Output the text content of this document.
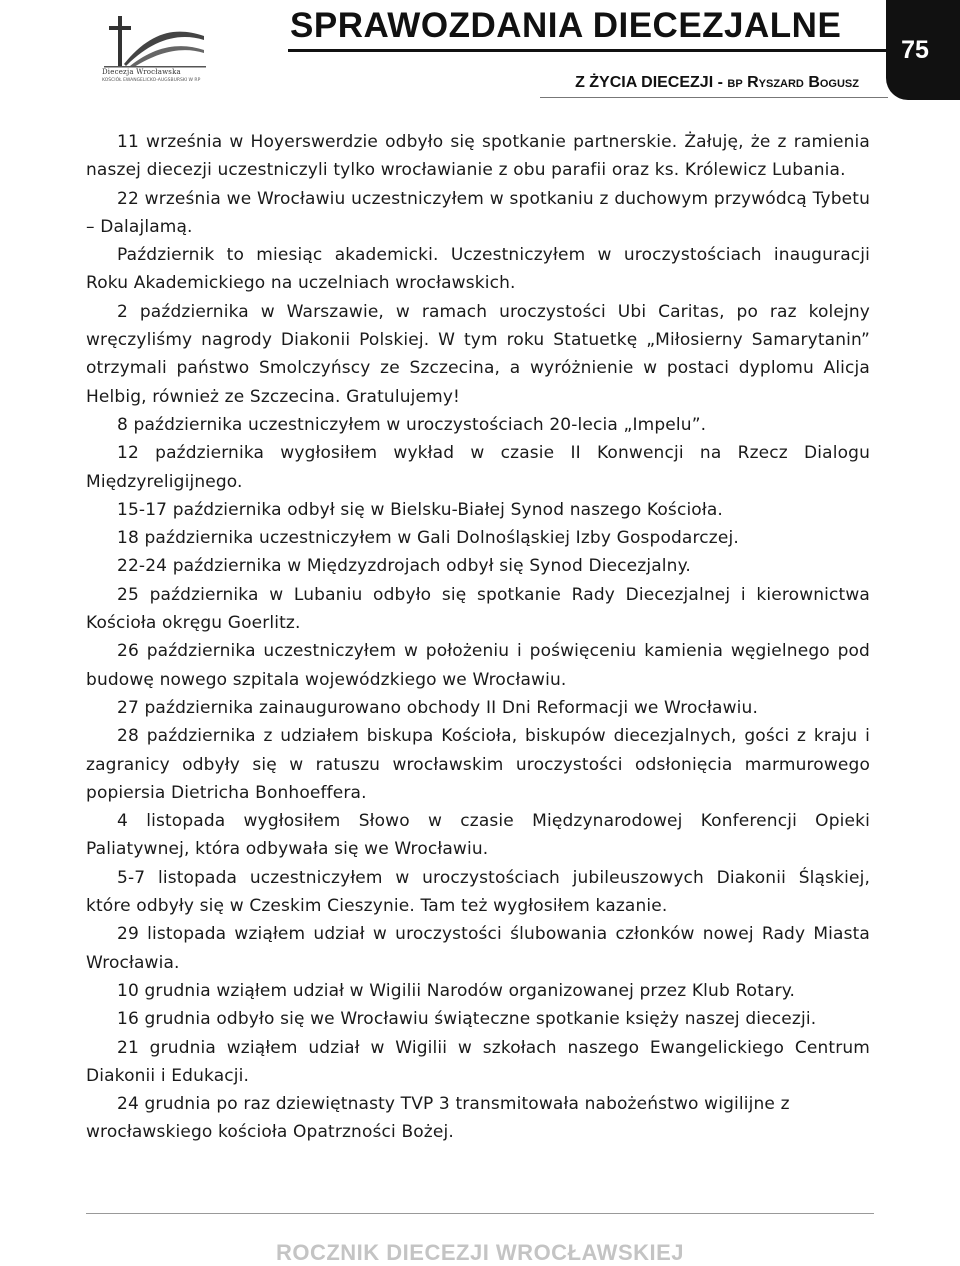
Diecezja Wrocławska
KOŚCIÓŁ EWANGELICKO-AUGSBURSKI W RP
SPRAWOZDANIA DIECEZJALNE
Z ŻYCIA DIECEZJI - bp Ryszard Bogusz
75

11 września w Hoyerswerdzie odbyło się spotkanie partnerskie. Żałuję, że z ramienia naszej diecezji uczestniczyli tylko wrocławianie z obu parafii oraz ks. Królewicz Lubania.

22 września we Wrocławiu uczestniczyłem w spotkaniu z duchowym przywódcą Tybetu – Dalajlamą.

Październik to miesiąc akademicki. Uczestniczyłem w uroczystościach inauguracji Roku Akademickiego na uczelniach wrocławskich.

2 października w Warszawie, w ramach uroczystości Ubi Caritas, po raz kolejny wręczyliśmy nagrody Diakonii Polskiej. W tym roku Statuetkę „Miłosierny Samarytanin” otrzymali państwo Smolczyńscy ze Szczecina, a wyróżnienie w postaci dyplomu Alicja Helbig, również ze Szczecina. Gratulujemy!

8 października uczestniczyłem w uroczystościach 20-lecia „Impelu”.

12 października wygłosiłem wykład w czasie II Konwencji na Rzecz Dialogu Międzyreligijnego.

15-17 października odbył się w Bielsku-Białej Synod naszego Kościoła.

18 października uczestniczyłem w Gali Dolnośląskiej Izby Gospodarczej.

22-24 października w Międzyzdrojach odbył się Synod Diecezjalny.

25 października w Lubaniu odbyło się spotkanie Rady Diecezjalnej i kierownictwa Kościoła okręgu Goerlitz.

26 października uczestniczyłem w położeniu i poświęceniu kamienia węgielnego pod budowę nowego szpitala wojewódzkiego we Wrocławiu.

27 października zainaugurowano obchody II Dni Reformacji we Wrocławiu.

28 października z udziałem biskupa Kościoła, biskupów diecezjalnych, gości z kraju i zagranicy odbyły się w ratuszu wrocławskim uroczystości odsłonięcia marmurowego popiersia Dietricha Bonhoeffera.

4 listopada wygłosiłem Słowo w czasie Międzynarodowej Konferencji Opieki Paliatywnej, która odbywała się we Wrocławiu.

5-7 listopada uczestniczyłem w uroczystościach jubileuszowych Diakonii Śląskiej, które odbyły się w Czeskim Cieszynie. Tam też wygłosiłem kazanie.

29 listopada wziąłem udział w uroczystości ślubowania członków nowej Rady Miasta Wrocławia.

10 grudnia wziąłem udział w Wigilii Narodów organizowanej przez Klub Rotary.

16 grudnia odbyło się we Wrocławiu świąteczne spotkanie księży naszej diecezji.

21 grudnia wziąłem udział w Wigilii w szkołach naszego Ewangelickiego Centrum Diakonii i Edukacji.

24 grudnia po raz dziewiętnasty TVP 3 transmitowała nabożeństwo wigilijne z wrocławskiego kościoła Opatrzności Bożej.

ROCZNIK DIECEZJI WROCŁAWSKIEJ
